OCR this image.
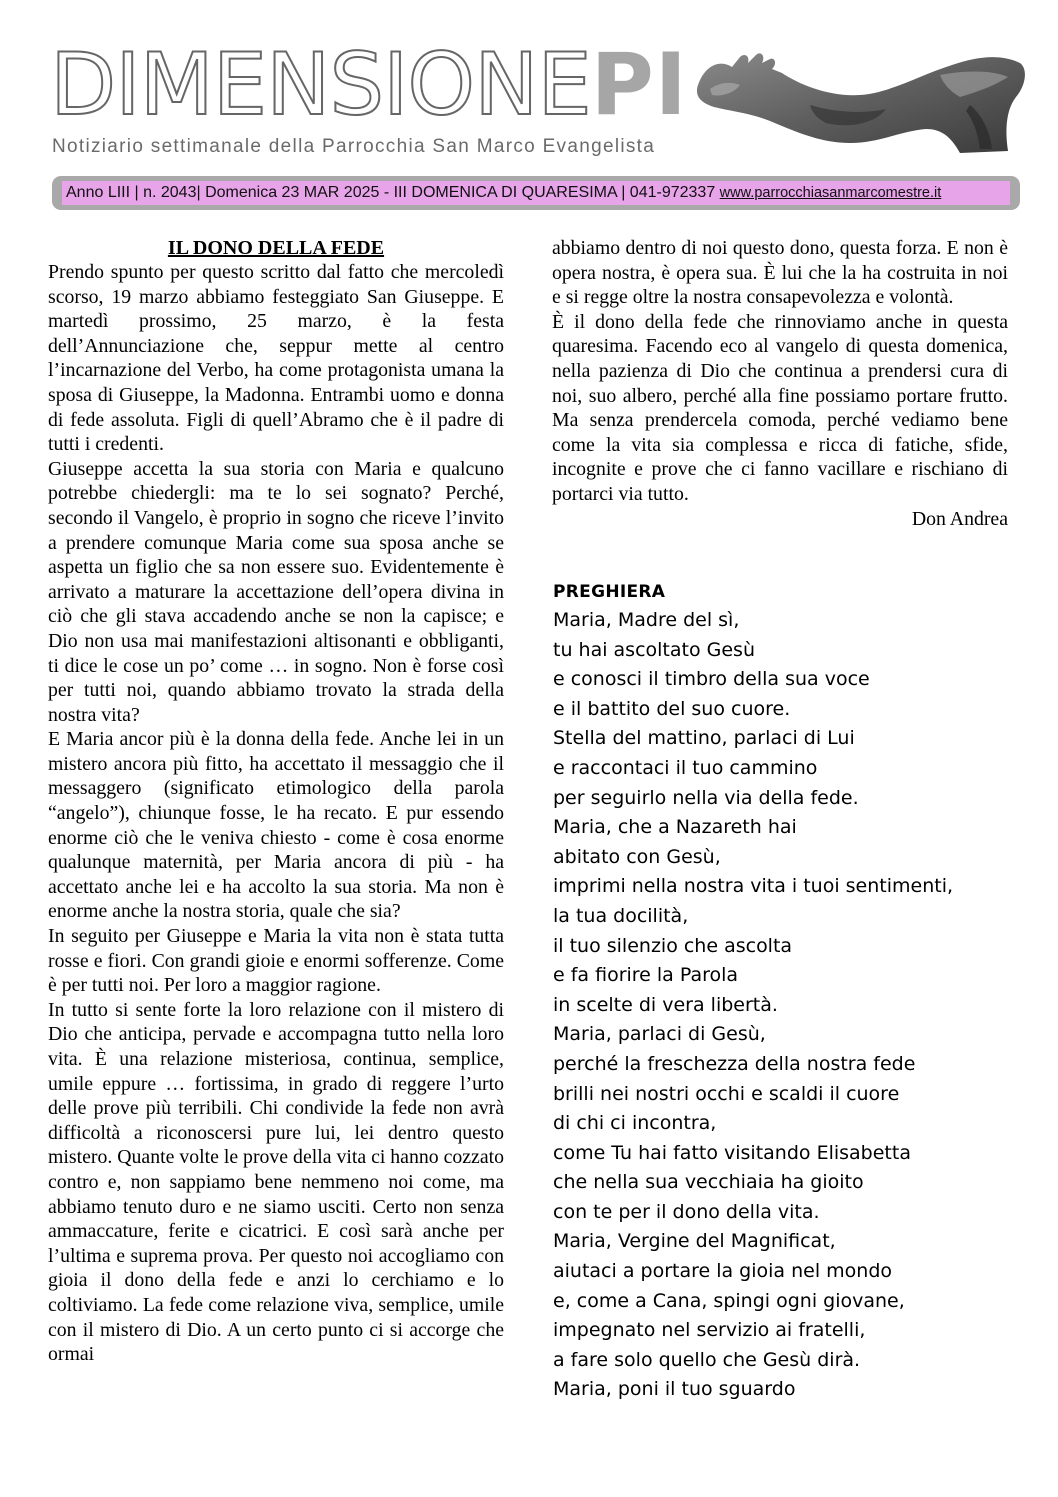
DIMENSIONEPI
Notiziario settimanale della Parrocchia San Marco Evangelista
Anno LIII | n. 2043| Domenica 23 MAR 2025 - III DOMENICA DI QUARESIMA | 041-972337 www.parrocchiasanmarcomestre.it
IL DONO DELLA FEDE

Prendo spunto per questo scritto dal fatto che mercoledì scorso, 19 marzo abbiamo festeggiato San Giuseppe. E martedì prossimo, 25 marzo, è la festa dell’Annunciazione che, seppur mette al centro l’incarnazione del Verbo, ha come protagonista umana la sposa di Giuseppe, la Madonna. Entrambi uomo e donna di fede assoluta. Figli di quell’Abramo che è il padre di tutti i credenti.

Giuseppe accetta la sua storia con Maria e qualcuno potrebbe chiedergli: ma te lo sei sognato? Perché, secondo il Vangelo, è proprio in sogno che riceve l’invito a prendere comunque Maria come sua sposa anche se aspetta un figlio che sa non essere suo. Evidentemente è arrivato a maturare la accettazione dell’opera divina in ciò che gli stava accadendo anche se non la capisce; e Dio non usa mai manifestazioni altisonanti e obbliganti, ti dice le cose un po’ come … in sogno. Non è forse così per tutti noi, quando abbiamo trovato la strada della nostra vita?

E Maria ancor più è la donna della fede. Anche lei in un mistero ancora più fitto, ha accettato il messaggio che il messaggero (significato etimologico della parola “angelo”), chiunque fosse, le ha recato. E pur essendo enorme ciò che le veniva chiesto - come è cosa enorme qualunque maternità, per Maria ancora di più - ha accettato anche lei e ha accolto la sua storia. Ma non è enorme anche la nostra storia, quale che sia?

In seguito per Giuseppe e Maria la vita non è stata tutta rosse e fiori. Con grandi gioie e enormi sofferenze. Come è per tutti noi. Per loro a maggior ragione.

In tutto si sente forte la loro relazione con il mistero di Dio che anticipa, pervade e accompagna tutto nella loro vita. È una relazione misteriosa, continua, semplice, umile eppure … fortissima, in grado di reggere l’urto delle prove più terribili. Chi condivide la fede non avrà difficoltà a riconoscersi pure lui, lei dentro questo mistero. Quante volte le prove della vita ci hanno cozzato contro e, non sappiamo bene nemmeno noi come, ma abbiamo tenuto duro e ne siamo usciti. Certo non senza ammaccature, ferite e cicatrici. E così sarà anche per l’ultima e suprema prova. Per questo noi accogliamo con gioia il dono della fede e anzi lo cerchiamo e lo coltiviamo. La fede come relazione viva, semplice, umile con il mistero di Dio. A un certo punto ci si accorge che ormai

abbiamo dentro di noi questo dono, questa forza. E non è opera nostra, è opera sua. È lui che la ha costruita in noi e si regge oltre la nostra consapevolezza e volontà.

È il dono della fede che rinnoviamo anche in questa quaresima. Facendo eco al vangelo di questa domenica, nella pazienza di Dio che continua a prendersi cura di noi, suo albero, perché alla fine possiamo portare frutto. Ma senza prendercela comoda, perché vediamo bene come la vita sia complessa e ricca di fatiche, sfide, incognite e prove che ci fanno vacillare e rischiano di portarci via tutto.

Don Andrea

PREGHIERA
Maria, Madre del sì,
tu hai ascoltato Gesù
e conosci il timbro della sua voce
e il battito del suo cuore.
Stella del mattino, parlaci di Lui
e raccontaci il tuo cammino
per seguirlo nella via della fede.
Maria, che a Nazareth hai
abitato con Gesù,
imprimi nella nostra vita i tuoi sentimenti,
la tua docilità,
il tuo silenzio che ascolta
e fa fiorire la Parola
in scelte di vera libertà.
Maria, parlaci di Gesù,
perché la freschezza della nostra fede
brilli nei nostri occhi e scaldi il cuore
di chi ci incontra,
come Tu hai fatto visitando Elisabetta
che nella sua vecchiaia ha gioito
con te per il dono della vita.
Maria, Vergine del Magnificat,
aiutaci a portare la gioia nel mondo
e, come a Cana, spingi ogni giovane,
impegnato nel servizio ai fratelli,
a fare solo quello che Gesù dirà.
Maria, poni il tuo sguardo
